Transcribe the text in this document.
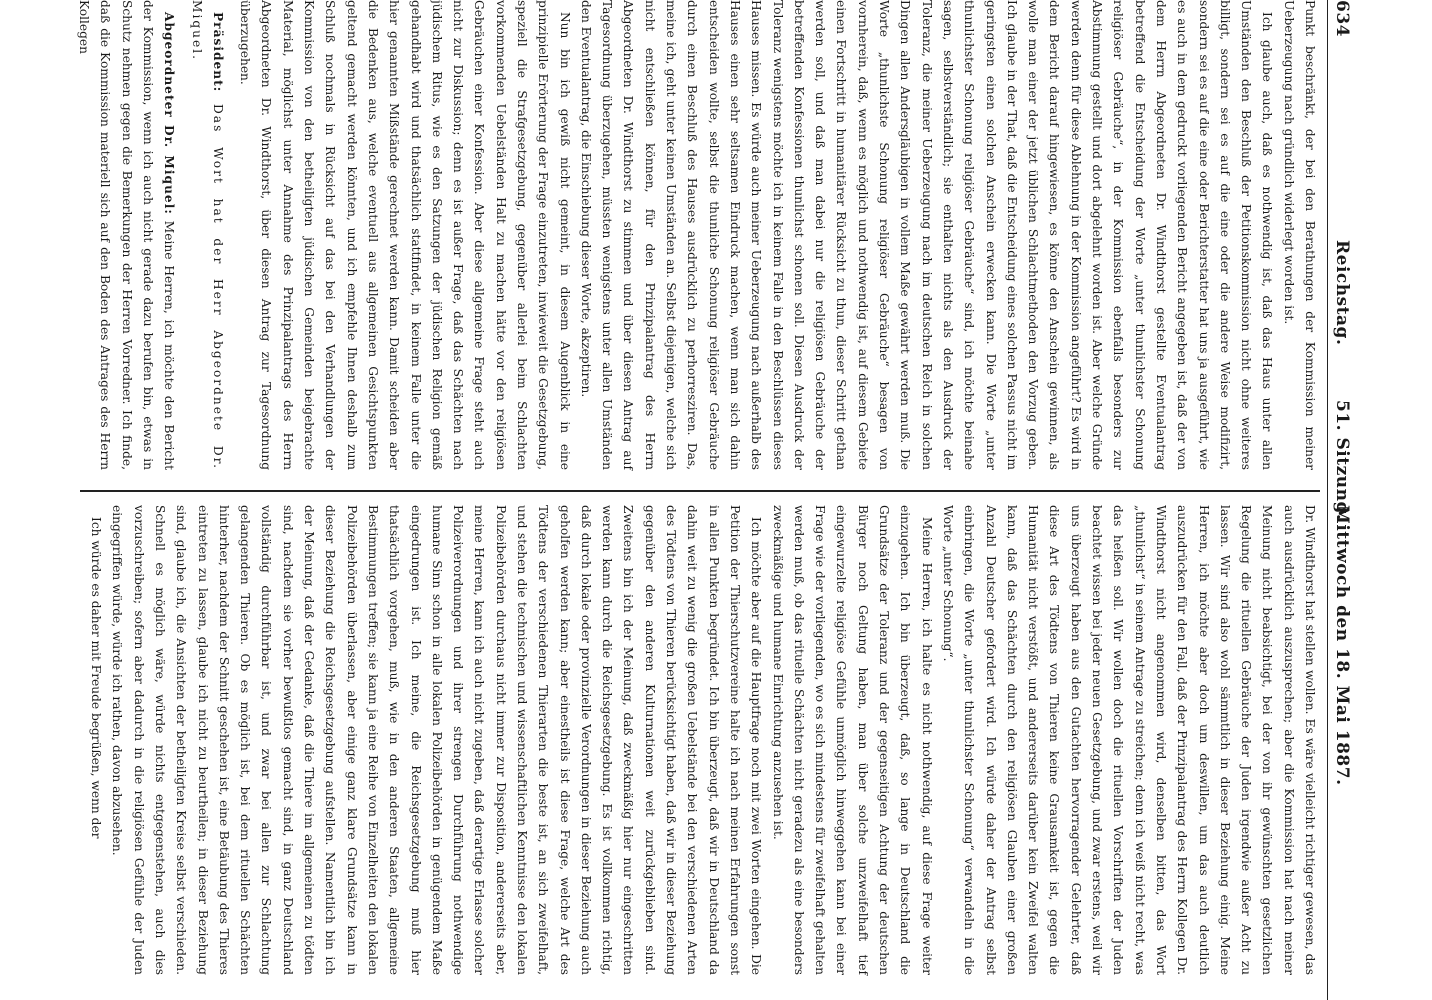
634
Reichstag.
51. Sitzung.
Mittwoch den 18. Mai 1887.

Punkt beschränkt, der bei den Berathungen der Kommission meiner Ueberzeugung nach gründlich widerlegt worden ist.

Ich glaube auch, daß es nothwendig ist, daß das Haus unter allen Umständen den Beschluß der Petitionskommission nicht ohne weiteres billigt, sondern sei es auf die eine oder die andere Weise modifizirt, sondern sei es auf die eine oder Berichterstatter hat uns ja ausgeführt, wie es auch in dem gedruckt vorliegenden Bericht angegeben ist, daß der von dem Herrn Abgeordneten Dr. Windthorst gestellte Eventualantrag betreffend die Entscheidung der Worte „unter thunlichster Schonung religiöser Gebräuche“, in der Kommission ebenfalls besonders zur Abstimmung gestellt und dort abgelehnt worden ist. Aber welche Gründe werden denn für diese Ablehnung in der Kommission angeführt? Es wird in dem Bericht darauf hingewiesen, es könne den Anschein gewinnen, als wolle man einer der jetzt üblichen Schlachtmethoden den Vorzug geben. Ich glaube in der That, daß die Entscheidung eines solchen Passus nicht im geringsten einen solchen Anschein erwecken kann. Die Worte „unter thunlichster Schonung religiöser Gebräuche“ sind, ich möchte beinahe sagen, selbstverständlich; sie enthalten nichts als den Ausdruck der Toleranz, die meiner Ueberzeugung nach im deutschen Reich in solchen Dingen allen Andersgläubigen in vollem Maße gewährt werden muß. Die Worte „thunlichste Schonung religiöser Gebräuche“ besagen von vornherein, daß, wenn es möglich und nothwendig ist, auf diesem Gebiete einen Fortschritt in humanitärer Rücksicht zu thun, dieser Schritt gethan werden soll, und daß man dabei nur die religiösen Gebräuche der betreffenden Konfessionen thunlichst schonen soll. Diesen Ausdruck der Toleranz wenigstens möchte ich in keinem Falle in den Beschlüssen dieses Hauses missen. Es würde auch meiner Ueberzeugung nach außerhalb des Hauses einen sehr seltsamen Eindruck machen, wenn man sich dahin entscheiden wollte, selbst die thunliche Schonung religiöser Gebräuche durch einen Beschluß des Hauses ausdrücklich zu perhorresziren. Das, meine ich, geht unter keinen Umständen an. Selbst diejenigen, welche sich nicht entschließen können, für den Prinzipalantrag des Herrn Abgeordneten Dr. Windthorst zu stimmen und über diesen Antrag auf Tagesordnung überzugehen, müssten wenigstens unter allen Umständen den Eventualantrag, die Einschiebung dieser Worte, akzeptiren.

Nun bin ich gewiß nicht gemeint, in diesem Augenblick in eine prinzipielle Erörterung der Frage einzutreten, inwieweit die Gesetzgebung, speziell die Strafgesetzgebung, gegenüber allerlei beim Schlachten vorkommenden Uebelständen Halt zu machen hätte vor den religiösen Gebräuchen einer Konfession. Aber diese allgemeine Frage steht auch nicht zur Diskussion; denn es ist außer Frage, daß das Schächten nach jüdischem Ritus, wie es den Satzungen der jüdischen Religion gemäß gehandhabt wird und thatsächlich stattfindet, in keinem Falle unter die hier genannten Mißstände gerechnet werden kann. Damit scheiden aber die Bedenken aus, welche eventuell aus allgemeinen Gesichtspunkten geltend gemacht werden könnten, und ich empfehle Ihnen deshalb zum Schluß nochmals in Rücksicht auf das bei den Verhandlungen der Kommission von den betheiligten jüdischen Gemeinden beigebrachte Material, möglichst unter Annahme des Prinzipalantrags des Herrn Abgeordneten Dr. Windthorst, über diesen Antrag zur Tagesordnung überzugehen.

Präsident: Das Wort hat der Herr Abgeordnete Dr. Miquel.

Abgeordneter Dr. Miquel: Meine Herren, ich möchte den Bericht der Kommission, wenn ich auch nicht gerade dazu berufen bin, etwas in Schutz nehmen gegen die Bemerkungen der Herren Vorredner. Ich finde, daß die Kommission materiell sich auf den Boden des Antrages des Herrn Kollegen

Dr. Windthorst hat stellen wollen. Es wäre vielleicht richtiger gewesen, das auch ausdrücklich auszusprechen; aber die Kommission hat nach meiner Meinung nicht beabsichtigt, bei der von ihr gewünschten gesetzlichen Regelung die rituellen Gebräuche der Juden irgendwie außer Acht zu lassen. Wir sind also wohl sämmtlich in dieser Beziehung einig. Meine Herren, ich möchte aber doch um deswillen, um das auch deutlich auszudrücken für den Fall, daß der Prinzipalantrag des Herrn Kollegen Dr. Windthorst nicht angenommen wird, denselben bitten, das Wort „thunlichst“ in seinem Antrage zu streichen; denn ich weiß nicht recht, was das heißen soll. Wir wollen doch die rituellen Vorschriften der Juden beachtet wissen bei jeder neuen Gesetzgebung, und zwar erstens, weil wir uns überzeugt haben aus den Gutachten hervorragender Gelehrter, daß diese Art des Tödtens von Thieren keine Grausamkeit ist, gegen die Humanität nicht verstößt, und andererseits darüber kein Zweifel walten kann, daß das Schächten durch den religiösen Glauben einer großen Anzahl Deutscher gefordert wird. Ich würde daher der Antrag selbst einbringen, die Worte „unter thunlichster Schonung“ verwandeln in die Worte „unter Schonung“.

Meine Herren, ich halte es nicht nothwendig, auf diese Frage weiter einzugehen. Ich bin überzeugt, daß, so lange in Deutschland die Grundsätze der Toleranz und der gegenseitigen Achtung der deutschen Bürger noch Geltung haben, man über solche unzweifelhaft tief eingewurzelte religiöse Gefühle unmöglich hinweggehen kann bei einer Frage wie der vorliegenden, wo es sich mindestens für zweifelhaft gehalten werden muß, ob das rituelle Schächten nicht geradezu als eine besonders zweckmäßige und humane Einrichtung anzusehen ist.

Ich möchte aber auf die Hauptfrage noch mit zwei Worten eingehen. Die Petition der Thierschutzvereine halte ich nach meinen Erfahrungen sonst in allen Punkten begründet. Ich bin überzeugt, daß wir in Deutschland da dahin weit zu wenig die großen Uebelstände bei den verschiedenen Arten des Tödtens von Thieren berücksichtigt haben, daß wir in dieser Beziehung gegenüber den anderen Kulturnationen weit zurückgeblieben sind. Zweitens bin ich der Meinung, daß zweckmäßig hier nur eingeschritten werden kann durch die Reichsgesetzgebung. Es ist vollkommen richtig, daß durch lokale oder provinzielle Verordnungen in dieser Beziehung auch geholfen werden kann; aber einestheils ist diese Frage, welche Art des Tödtens der verschiedenen Thierarten die beste ist, an sich zweifelhaft, und stehen die technischen und wissenschaftlichen Kenntnisse den lokalen Polizeibehörden durchaus nicht immer zur Disposition, andererseits aber, meine Herren, kann ich auch nicht zugeben, daß derartige Erlasse solcher Polizeiverordnungen und ihrer strengen Durchführung nothwendige humane Sinn schon in alle lokalen Polizeibehörden in genügendem Maße eingedrungen ist. Ich meine, die Reichsgesetzgebung muß hier thatsächlich vorgehen, muß, wie in den anderen Staaten, allgemeine Bestimmungen treffen; sie kann ja eine Reihe von Einzelheiten den lokalen Polizeibehörden überlassen, aber einige ganz klare Grundsätze kann in dieser Beziehung die Reichsgesetzgebung aufstellen. Namentlich bin ich der Meinung, daß der Gedanke, daß die Thiere im allgemeinen zu tödten sind, nachdem sie vorher bewußtlos gemacht sind, in ganz Deutschland vollständig durchführbar ist, und zwar bei allen zur Schlachtung gelangenden Thieren. Ob es möglich ist, bei dem rituellen Schächten hinterher, nachdem der Schnitt geschehen ist, eine Betäubung des Thieres eintreten zu lassen, glaube ich nicht zu beurtheilen; in dieser Beziehung sind, glaube ich, die Ansichten der betheiligten Kreise selbst verschieden. Schnell es möglich wäre, würde nichts entgegenstehen, auch dies vorzuschreiben; sofern aber dadurch in die religiösen Gefühle der Juden eingegriffen würde, würde ich rathen, davon abzusehen.

Ich würde es daher mit Freude begrüßen, wenn der
